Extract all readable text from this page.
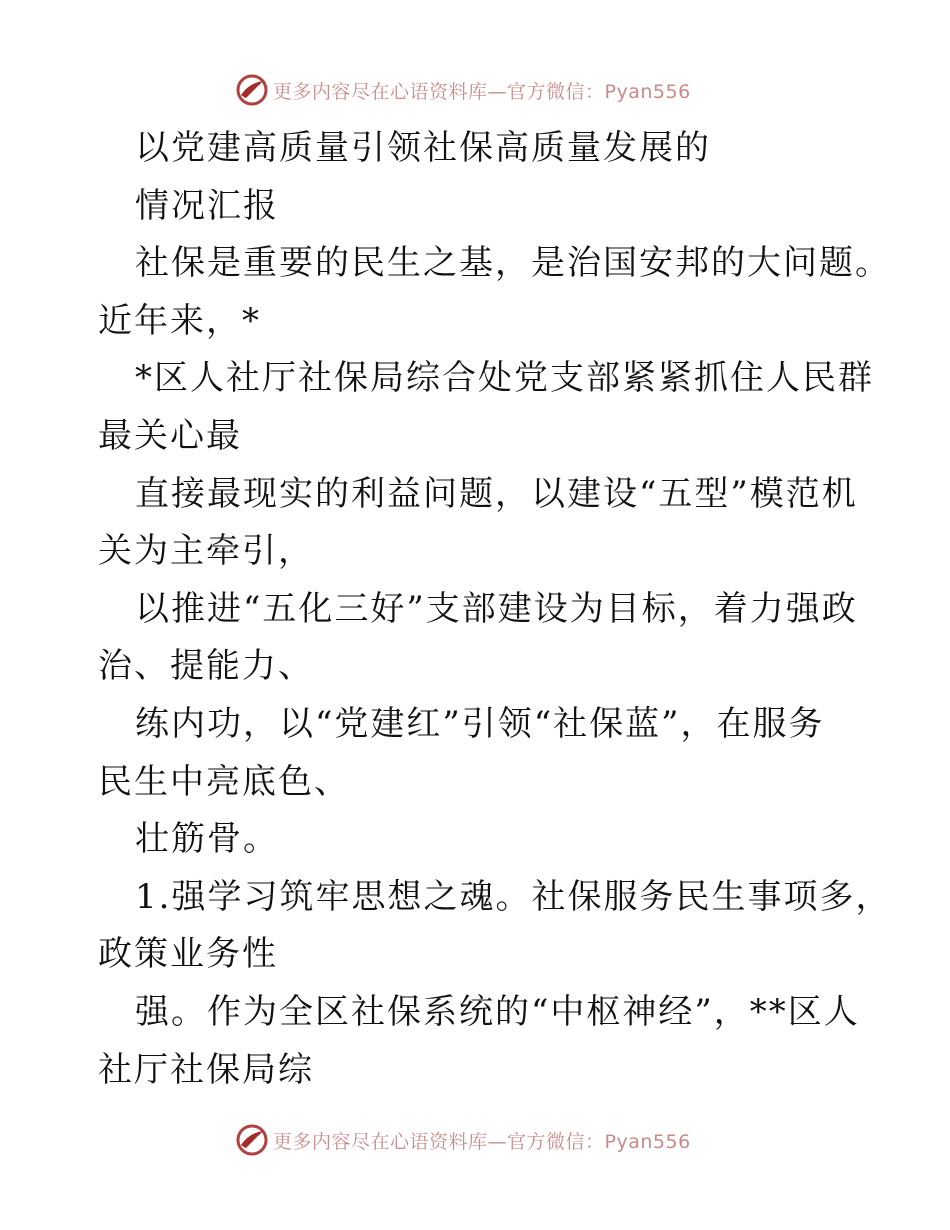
更多内容尽在心语资料库—官方微信：Pyan556
以党建高质量引领社保高质量发展的
情况汇报
社保是重要的民生之基，是治国安邦的大问题。
近年来，*
*区人社厅社保局综合处党支部紧紧抓住人民群
最关心最
直接最现实的利益问题，以建设“五型”模范机
关为主牵引，
以推进“五化三好”支部建设为目标，着力强政
治、提能力、
练内功，以“党建红”引领“社保蓝”，在服务
民生中亮底色、
壮筋骨。
1.强学习筑牢思想之魂。社保服务民生事项多，
政策业务性
强。作为全区社保系统的“中枢神经”，**区人
社厅社保局综
更多内容尽在心语资料库—官方微信：Pyan556
